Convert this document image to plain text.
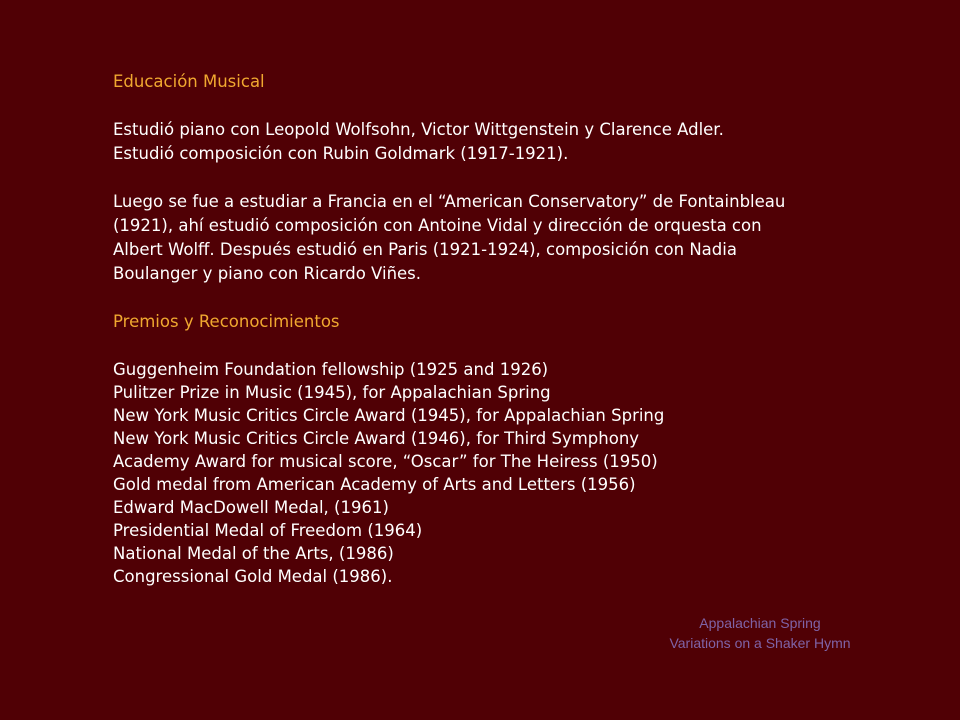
Educación Musical

Estudió piano con Leopold Wolfsohn, Victor Wittgenstein y Clarence Adler.
Estudió composición con Rubin Goldmark (1917-1921).

Luego se fue a estudiar a Francia en el “American Conservatory” de Fontainbleau
(1921), ahí estudió composición con Antoine Vidal y dirección de orquesta con
Albert Wolff. Después estudió en Paris (1921-1924), composición con Nadia
Boulanger y piano con Ricardo Viñes.

Premios y Reconocimientos

Guggenheim Foundation fellowship (1925 and 1926)
Pulitzer Prize in Music (1945), for Appalachian Spring
New York Music Critics Circle Award (1945), for Appalachian Spring
New York Music Critics Circle Award (1946), for Third Symphony
Academy Award for musical score, “Oscar” for The Heiress (1950)
Gold medal from American Academy of Arts and Letters (1956)
Edward MacDowell Medal, (1961)
Presidential Medal of Freedom (1964)
National Medal of the Arts, (1986)
Congressional Gold Medal (1986).
Appalachian Spring
Variations on a Shaker Hymn
